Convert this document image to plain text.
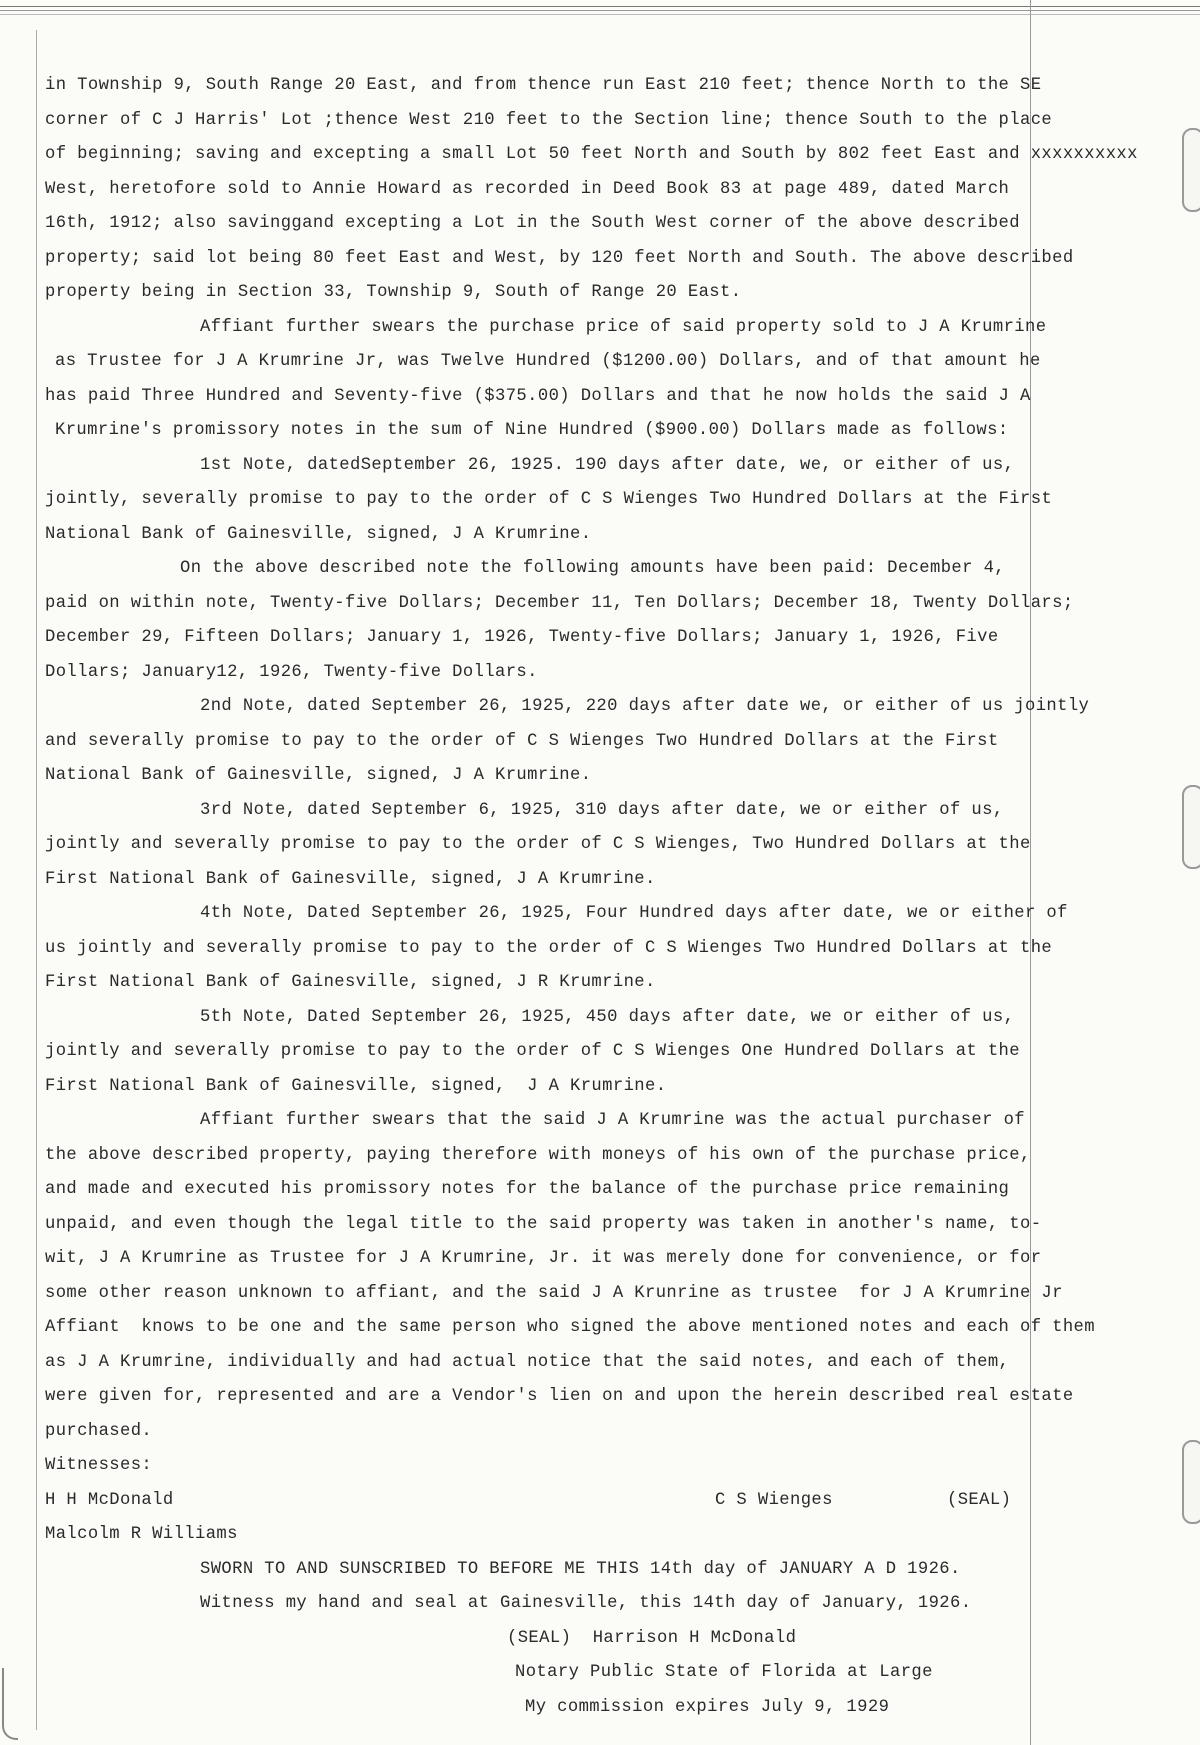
in Township 9, South Range 20 East, and from thence run East 210 feet; thence North to the SE
corner of C J Harris' Lot ;thence West 210 feet to the Section line; thence South to the place
of beginning; saving and excepting a small Lot 50 feet North and South by 802 feet East and xxxxxxxxxx
West, heretofore sold to Annie Howard as recorded in Deed Book 83 at page 489, dated March
16th, 1912; also savinggand excepting a Lot in the South West corner of the above described
property; said lot being 80 feet East and West, by 120 feet North and South. The above described
property being in Section 33, Township 9, South of Range 20 East.
Affiant further swears the purchase price of said property sold to J A Krumrine
as Trustee for J A Krumrine Jr, was Twelve Hundred ($1200.00) Dollars, and of that amount he
has paid Three Hundred and Seventy-five ($375.00) Dollars and that he now holds the said J A
Krumrine's promissory notes in the sum of Nine Hundred ($900.00) Dollars made as follows:
1st Note, datedSeptember 26, 1925. 190 days after date, we, or either of us,
jointly, severally promise to pay to the order of C S Wienges Two Hundred Dollars at the First
National Bank of Gainesville, signed, J A Krumrine.
On the above described note the following amounts have been paid: December 4,
paid on within note, Twenty-five Dollars; December 11, Ten Dollars; December 18, Twenty Dollars;
December 29, Fifteen Dollars; January 1, 1926, Twenty-five Dollars; January 1, 1926, Five
Dollars; January12, 1926, Twenty-five Dollars.
2nd Note, dated September 26, 1925, 220 days after date we, or either of us jointly
and severally promise to pay to the order of C S Wienges Two Hundred Dollars at the First
National Bank of Gainesville, signed, J A Krumrine.
3rd Note, dated September 6, 1925, 310 days after date, we or either of us,
jointly and severally promise to pay to the order of C S Wienges, Two Hundred Dollars at the
First National Bank of Gainesville, signed, J A Krumrine.
4th Note, Dated September 26, 1925, Four Hundred days after date, we or either of
us jointly and severally promise to pay to the order of C S Wienges Two Hundred Dollars at the
First National Bank of Gainesville, signed, J R Krumrine.
5th Note, Dated September 26, 1925, 450 days after date, we or either of us,
jointly and severally promise to pay to the order of C S Wienges One Hundred Dollars at the
First National Bank of Gainesville, signed,  J A Krumrine.
Affiant further swears that the said J A Krumrine was the actual purchaser of
the above described property, paying therefore with moneys of his own of the purchase price,
and made and executed his promissory notes for the balance of the purchase price remaining
unpaid, and even though the legal title to the said property was taken in another's name, to-
wit, J A Krumrine as Trustee for J A Krumrine, Jr. it was merely done for convenience, or for
some other reason unknown to affiant, and the said J A Krunrine as trustee  for J A Krumrine Jr
Affiant  knows to be one and the same person who signed the above mentioned notes and each of them
as J A Krumrine, individually and had actual notice that the said notes, and each of them,
were given for, represented and are a Vendor's lien on and upon the herein described real estate
purchased.
Witnesses:
H H McDonald	C S Wienges	(SEAL)
Malcolm R Williams
SWORN TO AND SUNSCRIBED TO BEFORE ME THIS 14th day of JANUARY A D 1926.
Witness my hand and seal at Gainesville, this 14th day of January, 1926.
(SEAL)  Harrison H McDonald
Notary Public State of Florida at Large
My commission expires July 9, 1929
